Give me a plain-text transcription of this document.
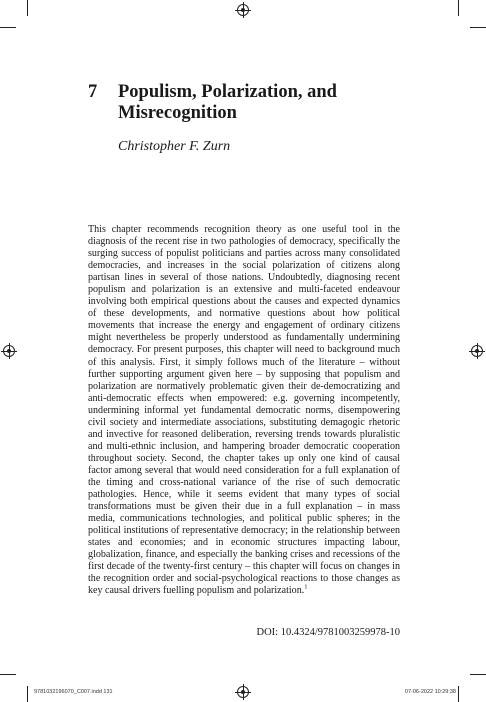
7 Populism, Polarization, and Misrecognition
Christopher F. Zurn

This chapter recommends recognition theory as one useful tool in the diagnosis of the recent rise in two pathologies of democracy, specifically the surging success of populist politicians and parties across many consolidated democracies, and increases in the social polarization of citizens along partisan lines in several of those nations. Undoubtedly, diagnosing recent populism and polarization is an extensive and multi-faceted endeavour involving both empirical questions about the causes and expected dynamics of these developments, and normative questions about how political movements that increase the energy and engagement of ordinary citizens might nevertheless be properly understood as fundamentally undermining democracy. For present purposes, this chapter will need to background much of this analysis. First, it simply follows much of the literature – without further supporting argument given here – by supposing that populism and polarization are normatively problematic given their de-democratizing and anti-democratic effects when empowered: e.g. governing incompetently, undermining informal yet fundamental democratic norms, disempowering civil society and intermediate associations, substituting demagogic rhetoric and invective for reasoned deliberation, reversing trends towards pluralistic and multi-ethnic inclusion, and hampering broader democratic cooperation throughout society. Second, the chapter takes up only one kind of causal factor among several that would need consideration for a full explanation of the timing and cross-national variance of the rise of such democratic pathologies. Hence, while it seems evident that many types of social transformations must be given their due in a full explanation – in mass media, communications technologies, and political public spheres; in the political institutions of representative democracy; in the relationship between states and economies; and in economic structures impacting labour, globalization, finance, and especially the banking crises and recessions of the first decade of the twenty-first century – this chapter will focus on changes in the recognition order and social-psychological reactions to those changes as key causal drivers fuelling populism and polarization.$^1$

DOI: 10.4324/9781003259978-10
9781032196070_C007.indd 131	07-06-2022 10:29:38
